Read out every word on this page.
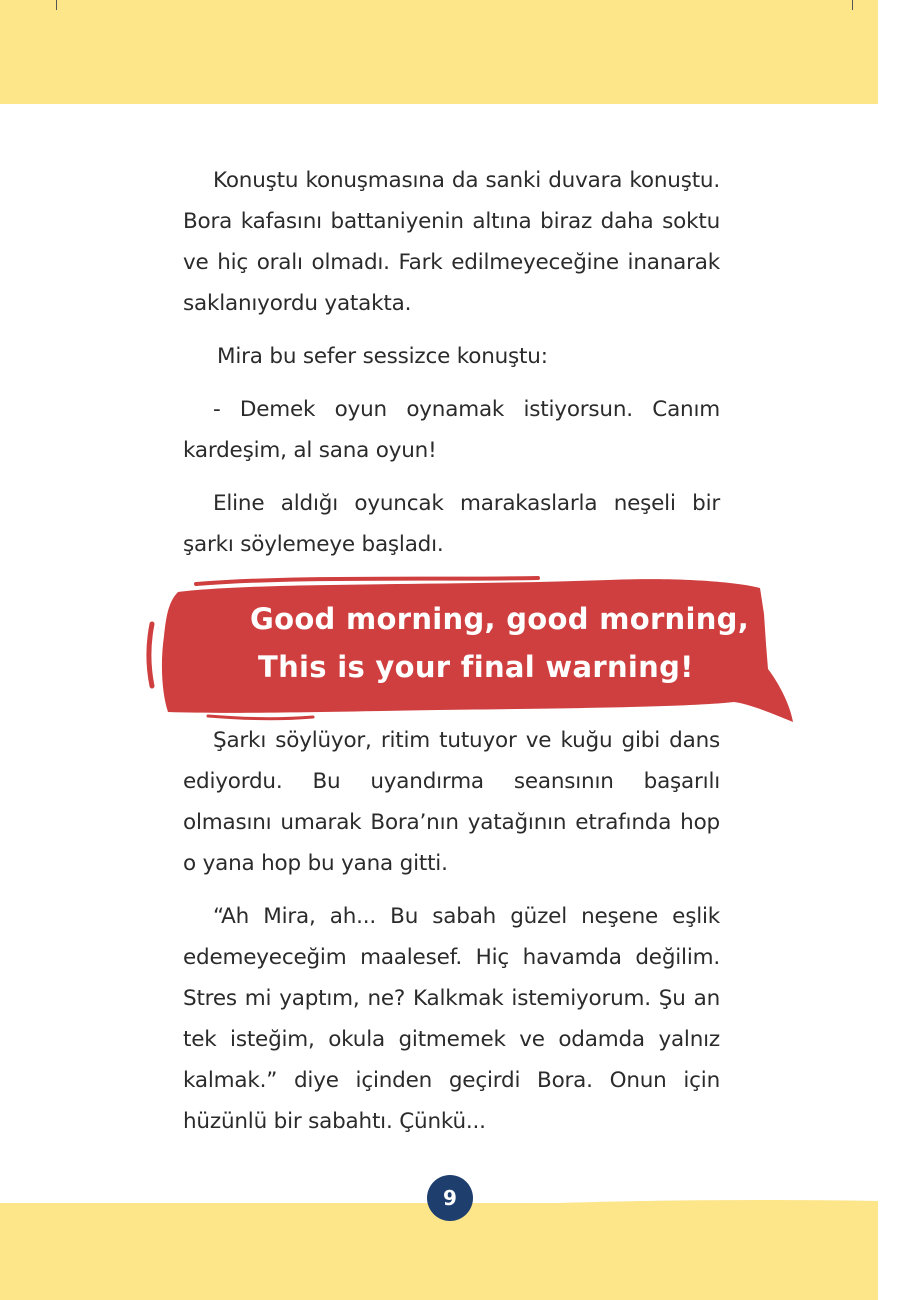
Konuştu konuşmasına da sanki duvara konuştu. Bora kafasını battaniyenin altına biraz daha soktu ve hiç oralı olmadı. Fark edilmeyeceğine inanarak saklanıyordu yatakta.

Mira bu sefer sessizce konuştu:

- Demek oyun oynamak istiyorsun. Canım kardeşim, al sana oyun!

Eline aldığı oyuncak marakaslarla neşeli bir şarkı söylemeye başladı.

Good morning, good morning,
This is your final warning!

Şarkı söylüyor, ritim tutuyor ve kuğu gibi dans ediyordu. Bu uyandırma seansının başarılı olmasını umarak Bora’nın yatağının etrafında hop o yana hop bu yana gitti.

“Ah Mira, ah... Bu sabah güzel neşene eşlik edemeyeceğim maalesef. Hiç havamda değilim. Stres mi yaptım, ne? Kalkmak istemiyorum. Şu an tek isteğim, okula gitmemek ve odamda yalnız kalmak.” diye içinden geçirdi Bora. Onun için hüzünlü bir sabahtı. Çünkü...

9
